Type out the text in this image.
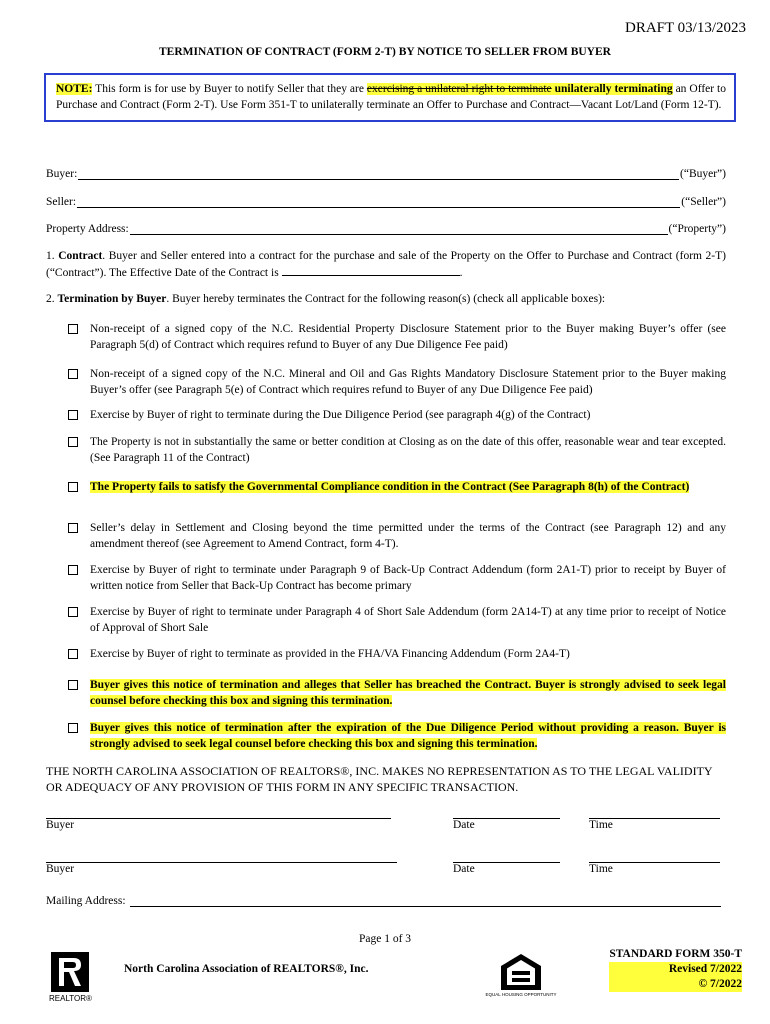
DRAFT 03/13/2023
TERMINATION OF CONTRACT (FORM 2-T) BY NOTICE TO SELLER FROM BUYER
NOTE: This form is for use by Buyer to notify Seller that they are exercising a unilateral right to terminate unilaterally terminating an Offer to Purchase and Contract (Form 2-T). Use Form 351-T to unilaterally terminate an Offer to Purchase and Contract—Vacant Lot/Land (Form 12-T).
Buyer:	(“Buyer”)
Seller:	(“Seller”)
Property Address:	(“Property”)
1. Contract. Buyer and Seller entered into a contract for the purchase and sale of the Property on the Offer to Purchase and Contract (form 2-T) (“Contract”). The Effective Date of the Contract is	.
2. Termination by Buyer. Buyer hereby terminates the Contract for the following reason(s) (check all applicable boxes):
Non-receipt of a signed copy of the N.C. Residential Property Disclosure Statement prior to the Buyer making Buyer’s offer (see Paragraph 5(d) of Contract which requires refund to Buyer of any Due Diligence Fee paid)
Non-receipt of a signed copy of the N.C. Mineral and Oil and Gas Rights Mandatory Disclosure Statement prior to the Buyer making Buyer’s offer (see Paragraph 5(e) of Contract which requires refund to Buyer of any Due Diligence Fee paid)
Exercise by Buyer of right to terminate during the Due Diligence Period (see paragraph 4(g) of the Contract)
The Property is not in substantially the same or better condition at Closing as on the date of this offer, reasonable wear and tear excepted. (See Paragraph 11 of the Contract)
The Property fails to satisfy the Governmental Compliance condition in the Contract (See Paragraph 8(h) of the Contract)
Seller’s delay in Settlement and Closing beyond the time permitted under the terms of the Contract (see Paragraph 12) and any amendment thereof (see Agreement to Amend Contract, form 4-T).
Exercise by Buyer of right to terminate under Paragraph 9 of Back-Up Contract Addendum (form 2A1-T) prior to receipt by Buyer of written notice from Seller that Back-Up Contract has become primary
Exercise by Buyer of right to terminate under Paragraph 4 of Short Sale Addendum (form 2A14-T) at any time prior to receipt of Notice of Approval of Short Sale
Exercise by Buyer of right to terminate as provided in the FHA/VA Financing Addendum (Form 2A4-T)
Buyer gives this notice of termination and alleges that Seller has breached the Contract. Buyer is strongly advised to seek legal counsel before checking this box and signing this termination.
Buyer gives this notice of termination after the expiration of the Due Diligence Period without providing a reason. Buyer is strongly advised to seek legal counsel before checking this box and signing this termination.
THE NORTH CAROLINA ASSOCIATION OF REALTORS®, INC. MAKES NO REPRESENTATION AS TO THE LEGAL VALIDITY OR ADEQUACY OF ANY PROVISION OF THIS FORM IN ANY SPECIFIC TRANSACTION.
Buyer	Date	Time
Buyer	Date	Time
Mailing Address:
Page 1 of 3
REALTOR®
North Carolina Association of REALTORS®, Inc.
EQUAL HOUSING OPPORTUNITY
STANDARD FORM 350-T
Revised 7/2022
© 7/2022
